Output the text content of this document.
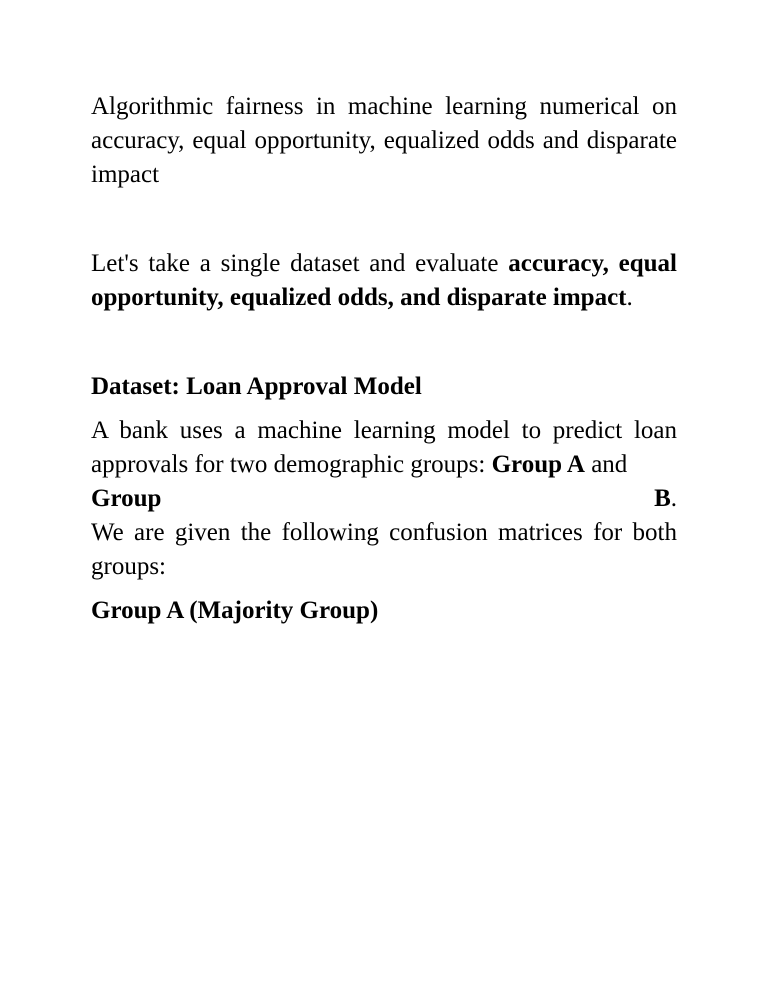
Algorithmic fairness in machine learning numerical on accuracy, equal opportunity, equalized odds and disparate impact

Let's take a single dataset and evaluate accuracy, equal opportunity, equalized odds, and disparate impact.

Dataset: Loan Approval Model

A bank uses a machine learning model to predict loan approvals for two demographic groups: Group A and

Group	B.

We are given the following confusion matrices for both groups:

Group A (Majority Group)
